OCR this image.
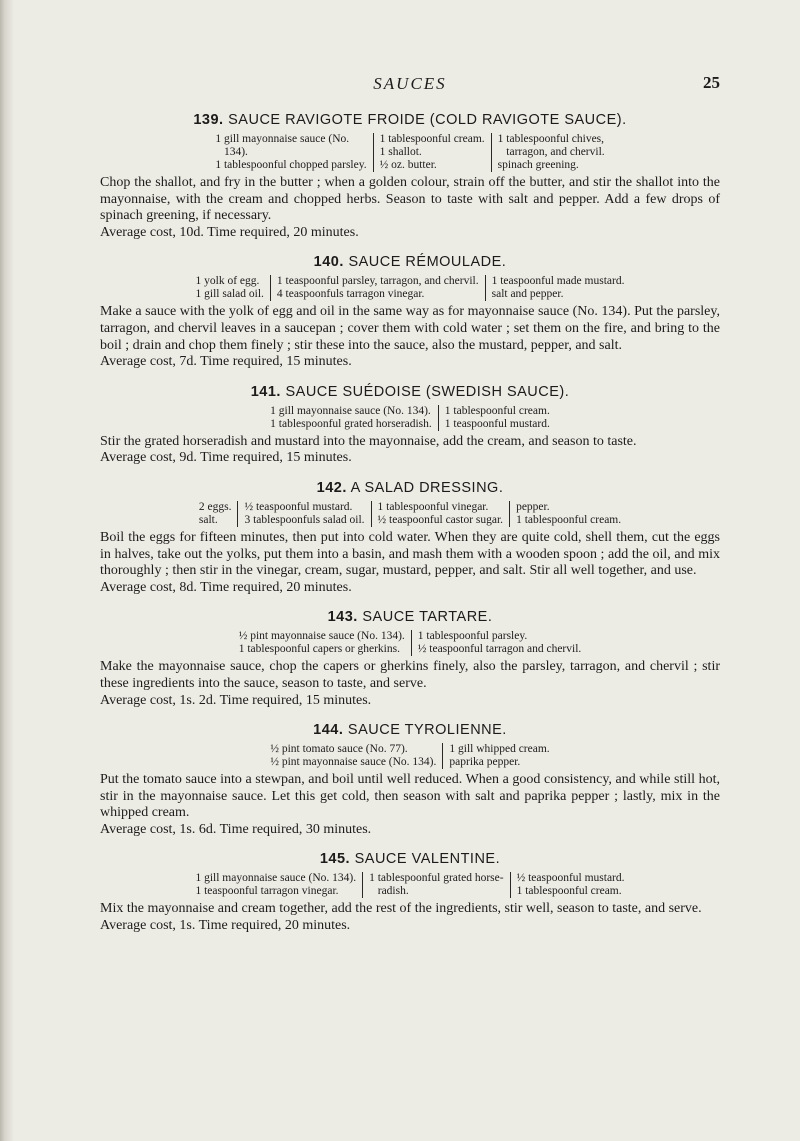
SAUCES	25
139. SAUCE RAVIGOTE FROIDE (COLD RAVIGOTE SAUCE).
1 gill mayonnaise sauce (No.
134).
1 tablespoonful chopped parsley.
1 tablespoonful cream.
1 shallot.
½ oz. butter.
1 tablespoonful chives,
tarragon, and chervil.
spinach greening.

Chop the shallot, and fry in the butter ; when a golden colour, strain off the butter, and stir the shallot into the mayonnaise, with the cream and chopped herbs. Season to taste with salt and pepper. Add a few drops of spinach greening, if necessary.

Average cost, 10d. Time required, 20 minutes.

140. SAUCE RÉMOULADE.
1 yolk of egg.
1 gill salad oil.
1 teaspoonful parsley, tarragon, and chervil.
4 teaspoonfuls tarragon vinegar.
1 teaspoonful made mustard.
salt and pepper.

Make a sauce with the yolk of egg and oil in the same way as for mayonnaise sauce (No. 134). Put the parsley, tarragon, and chervil leaves in a saucepan ; cover them with cold water ; set them on the fire, and bring to the boil ; drain and chop them finely ; stir these into the sauce, also the mustard, pepper, and salt.

Average cost, 7d. Time required, 15 minutes.

141. SAUCE SUÉDOISE (SWEDISH SAUCE).
1 gill mayonnaise sauce (No. 134).
1 tablespoonful grated horseradish.
1 tablespoonful cream.
1 teaspoonful mustard.

Stir the grated horseradish and mustard into the mayonnaise, add the cream, and season to taste.

Average cost, 9d. Time required, 15 minutes.

142. A SALAD DRESSING.
2 eggs.
salt.
½ teaspoonful mustard.
3 tablespoonfuls salad oil.
1 tablespoonful vinegar.
½ teaspoonful castor sugar.
pepper.
1 tablespoonful cream.

Boil the eggs for fifteen minutes, then put into cold water. When they are quite cold, shell them, cut the eggs in halves, take out the yolks, put them into a basin, and mash them with a wooden spoon ; add the oil, and mix thoroughly ; then stir in the vinegar, cream, sugar, mustard, pepper, and salt. Stir all well together, and use.

Average cost, 8d. Time required, 20 minutes.

143. SAUCE TARTARE.
½ pint mayonnaise sauce (No. 134).
1 tablespoonful capers or gherkins.
1 tablespoonful parsley.
½ teaspoonful tarragon and chervil.

Make the mayonnaise sauce, chop the capers or gherkins finely, also the parsley, tarragon, and chervil ; stir these ingredients into the sauce, season to taste, and serve.

Average cost, 1s. 2d. Time required, 15 minutes.

144. SAUCE TYROLIENNE.
½ pint tomato sauce (No. 77).
½ pint mayonnaise sauce (No. 134).
1 gill whipped cream.
paprika pepper.

Put the tomato sauce into a stewpan, and boil until well reduced. When a good consistency, and while still hot, stir in the mayonnaise sauce. Let this get cold, then season with salt and paprika pepper ; lastly, mix in the whipped cream.

Average cost, 1s. 6d. Time required, 30 minutes.

145. SAUCE VALENTINE.
1 gill mayonnaise sauce (No. 134).
1 teaspoonful tarragon vinegar.
1 tablespoonful grated horse-
radish.
½ teaspoonful mustard.
1 tablespoonful cream.

Mix the mayonnaise and cream together, add the rest of the ingredients, stir well, season to taste, and serve.

Average cost, 1s. Time required, 20 minutes.
